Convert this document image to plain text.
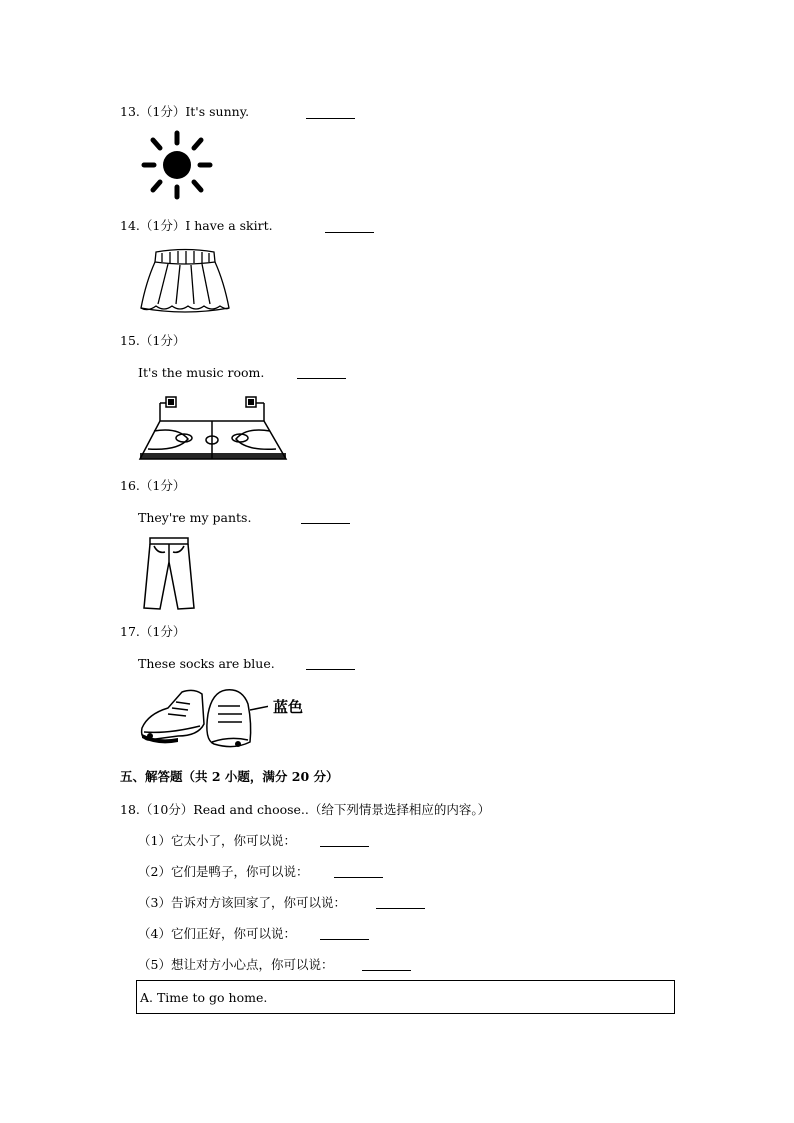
13.（1分）It's sunny.
14.（1分）I have a skirt.
15.（1分）
It's the music room.
16.（1分）
They're my pants.
17.（1分）
These socks are blue.
蓝色
五、解答题（共 2 小题，满分 20 分）
18.（10分）Read and choose..（给下列情景选择相应的内容。）
（1）它太小了，你可以说：
（2）它们是鸭子，你可以说：
（3）告诉对方该回家了，你可以说：
（4）它们正好，你可以说：
（5）想让对方小心点，你可以说：
A. Time to go home.
